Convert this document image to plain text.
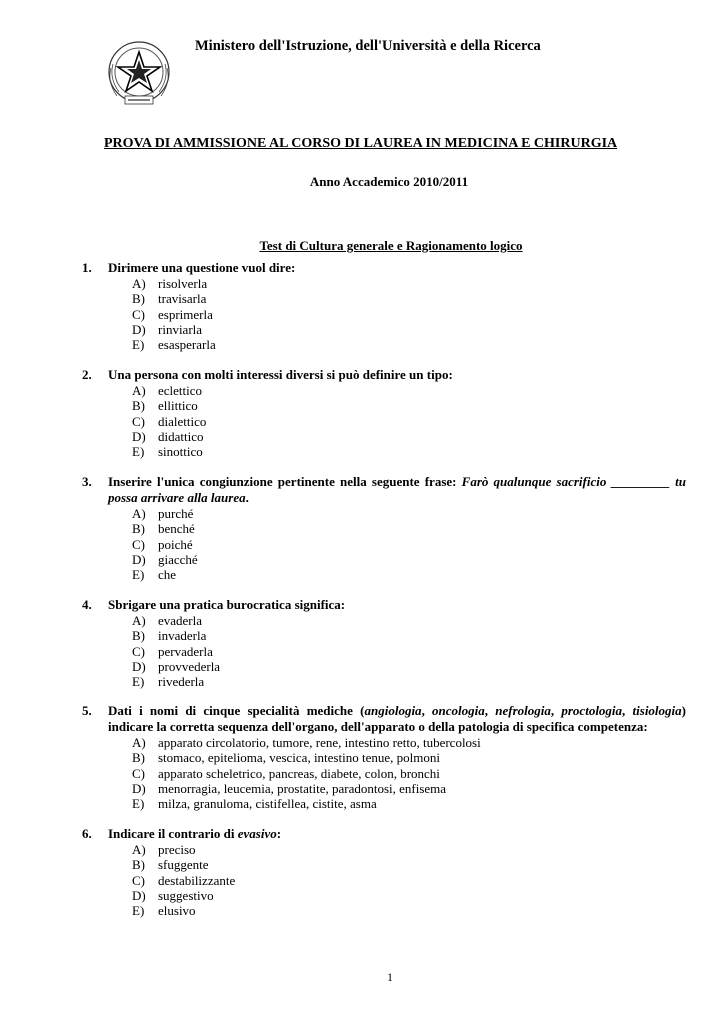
Ministero dell'Istruzione, dell'Università e della Ricerca
PROVA DI AMMISSIONE AL CORSO DI LAUREA IN MEDICINA E CHIRURGIA
Anno Accademico 2010/2011
Test di Cultura generale e Ragionamento logico
1. Dirimere una questione vuol dire:
A) risolverla
B) travisarla
C) esprimerla
D) rinviarla
E) esasperarla
2. Una persona con molti interessi diversi si può definire un tipo:
A) eclettico
B) ellittico
C) dialettico
D) didattico
E) sinottico
3. Inserire l'unica congiunzione pertinente nella seguente frase: Farò qualunque sacrificio _________ tu possa arrivare alla laurea.
A) purché
B) benché
C) poiché
D) giacché
E) che
4. Sbrigare una pratica burocratica significa:
A) evaderla
B) invaderla
C) pervaderla
D) provvederla
E) rivederla
5. Dati i nomi di cinque specialità mediche (angiologia, oncologia, nefrologia, proctologia, tisiologia) indicare la corretta sequenza dell'organo, dell'apparato o della patologia di specifica competenza:
A) apparato circolatorio, tumore, rene, intestino retto, tubercolosi
B) stomaco, epitelioma, vescica, intestino tenue, polmoni
C) apparato scheletrico, pancreas, diabete, colon, bronchi
D) menorragia, leucemia, prostatite, paradontosi, enfisema
E) milza, granuloma, cistifellea, cistite, asma
6. Indicare il contrario di evasivo:
A) preciso
B) sfuggente
C) destabilizzante
D) suggestivo
E) elusivo
1
